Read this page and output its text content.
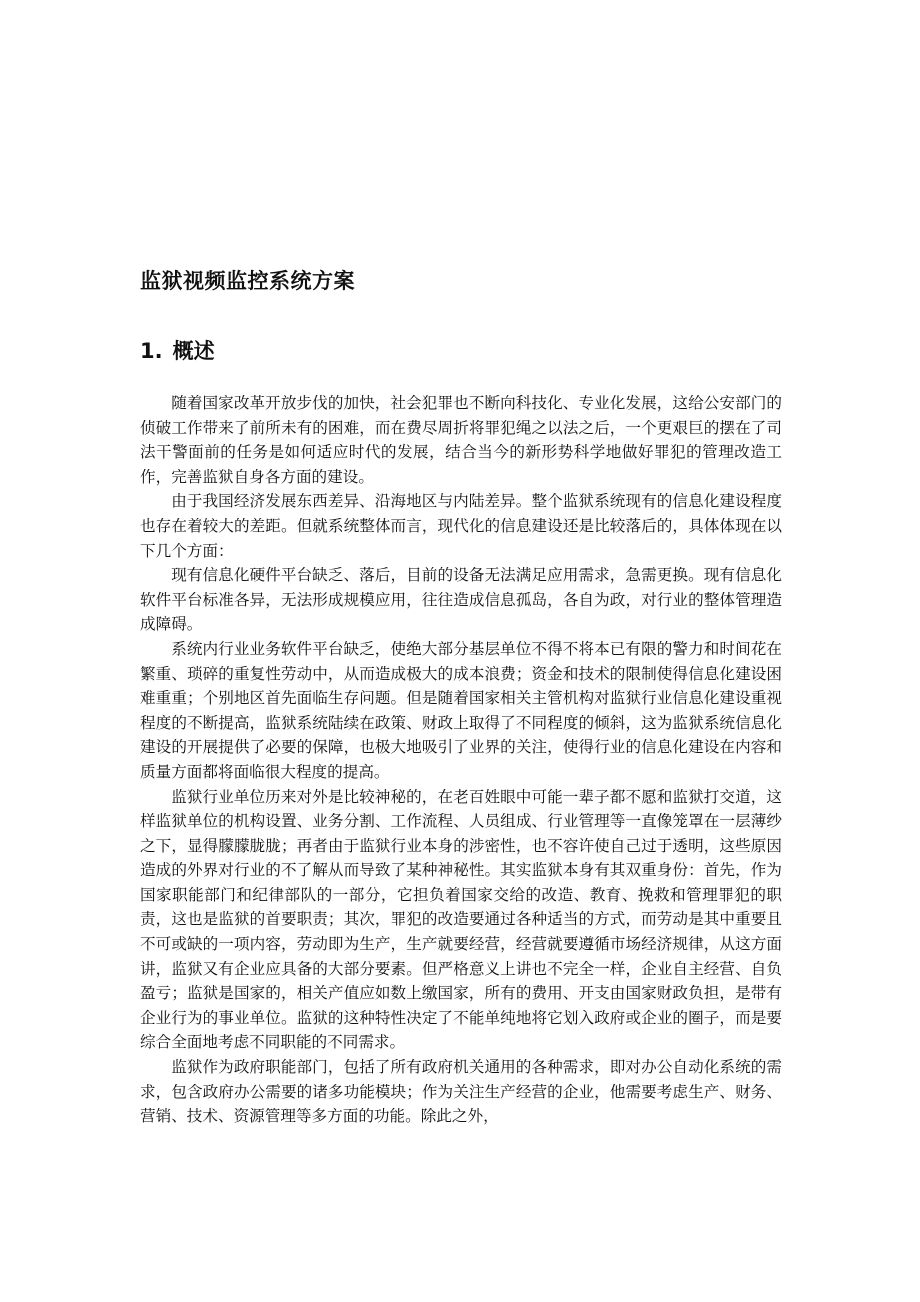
监狱视频监控系统方案
1. 概述

随着国家改革开放步伐的加快，社会犯罪也不断向科技化、专业化发展，这给公安部门的侦破工作带来了前所未有的困难，而在费尽周折将罪犯绳之以法之后，一个更艰巨的摆在了司法干警面前的任务是如何适应时代的发展，结合当今的新形势科学地做好罪犯的管理改造工作，完善监狱自身各方面的建设。

由于我国经济发展东西差异、沿海地区与内陆差异。整个监狱系统现有的信息化建设程度也存在着较大的差距。但就系统整体而言，现代化的信息建设还是比较落后的，具体体现在以下几个方面：

现有信息化硬件平台缺乏、落后，目前的设备无法满足应用需求，急需更换。现有信息化软件平台标准各异，无法形成规模应用，往往造成信息孤岛，各自为政，对行业的整体管理造成障碍。

系统内行业业务软件平台缺乏，使绝大部分基层单位不得不将本已有限的警力和时间花在繁重、琐碎的重复性劳动中，从而造成极大的成本浪费；资金和技术的限制使得信息化建设困难重重；个别地区首先面临生存问题。但是随着国家相关主管机构对监狱行业信息化建设重视程度的不断提高，监狱系统陆续在政策、财政上取得了不同程度的倾斜，这为监狱系统信息化建设的开展提供了必要的保障，也极大地吸引了业界的关注，使得行业的信息化建设在内容和质量方面都将面临很大程度的提高。

监狱行业单位历来对外是比较神秘的，在老百姓眼中可能一辈子都不愿和监狱打交道，这样监狱单位的机构设置、业务分割、工作流程、人员组成、行业管理等一直像笼罩在一层薄纱之下，显得朦朦胧胧；再者由于监狱行业本身的涉密性，也不容许使自己过于透明，这些原因造成的外界对行业的不了解从而导致了某种神秘性。其实监狱本身有其双重身份：首先，作为国家职能部门和纪律部队的一部分，它担负着国家交给的改造、教育、挽救和管理罪犯的职责，这也是监狱的首要职责；其次，罪犯的改造要通过各种适当的方式，而劳动是其中重要且不可或缺的一项内容，劳动即为生产，生产就要经营，经营就要遵循市场经济规律，从这方面讲，监狱又有企业应具备的大部分要素。但严格意义上讲也不完全一样，企业自主经营、自负盈亏；监狱是国家的，相关产值应如数上缴国家，所有的费用、开支由国家财政负担，是带有企业行为的事业单位。监狱的这种特性决定了不能单纯地将它划入政府或企业的圈子，而是要综合全面地考虑不同职能的不同需求。

监狱作为政府职能部门，包括了所有政府机关通用的各种需求，即对办公自动化系统的需求，包含政府办公需要的诸多功能模块；作为关注生产经营的企业，他需要考虑生产、财务、营销、技术、资源管理等多方面的功能。除此之外，
